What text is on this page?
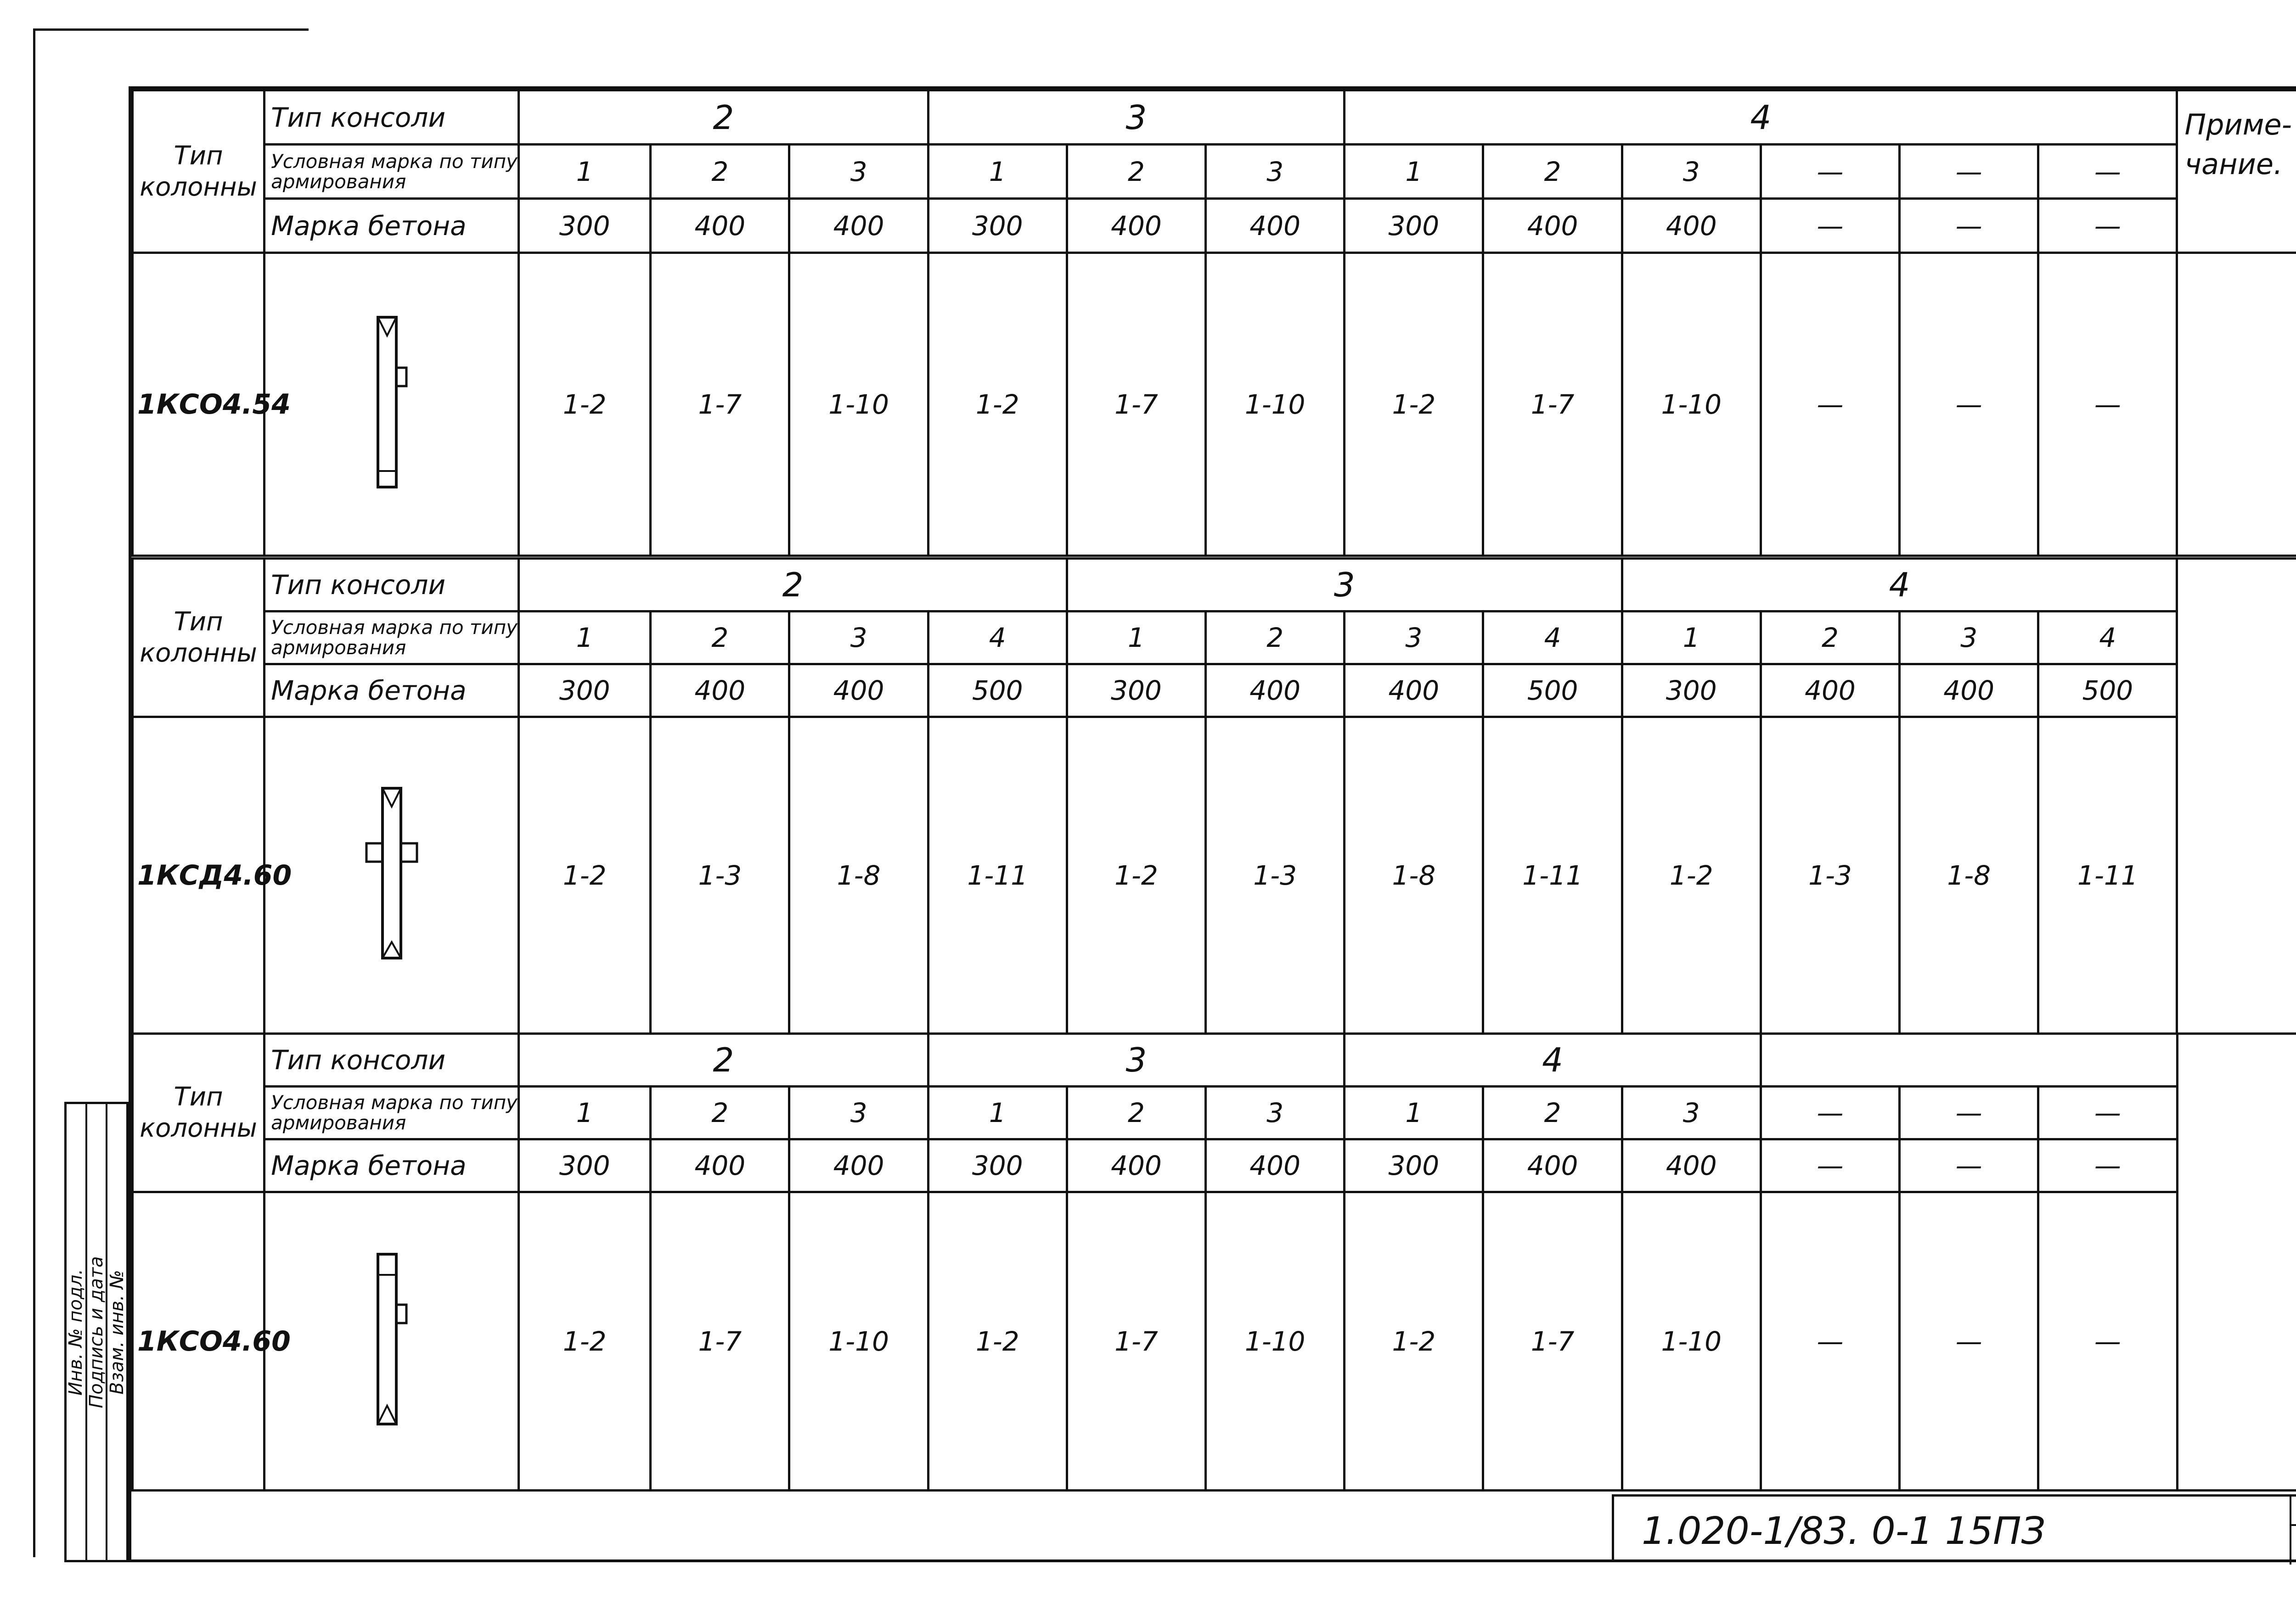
Тип колонны	Тип консоли	2			3			4						Приме-чание.
	Условная марка по типу армирования	1	2	3	1	2	3	1	2	3	—	—	—	
	Марка бетона	300	400	400	300	400	400	300	400	400	—	—	—	
1КСО4.54		1-2	1-7	1-10	1-2	1-7	1-10	1-2	1-7	1-10	—	—	—	
Тип колонны	Тип консоли	2				3				4				
	Условная марка по типу армирования	1	2	3	4	1	2	3	4	1	2	3	4	
	Марка бетона	300	400	400	500	300	400	400	500	300	400	400	500	
1КСД4.60		1-2	1-3	1-8	1-11	1-2	1-3	1-8	1-11	1-2	1-3	1-8	1-11	
Тип колонны	Тип консоли	2			3			4						
	Условная марка по типу армирования	1	2	3	1	2	3	1	2	3	—	—	—	
	Марка бетона	300	400	400	300	400	400	300	400	400	—	—	—	
1КСО4.60		1-2	1-7	1-10	1-2	1-7	1-10	1-2	1-7	1-10	—	—	—	
Инв. № подл.
Подпись и дата
Взам. инв. №
1.020-1/83. 0-1 15ПЗ
